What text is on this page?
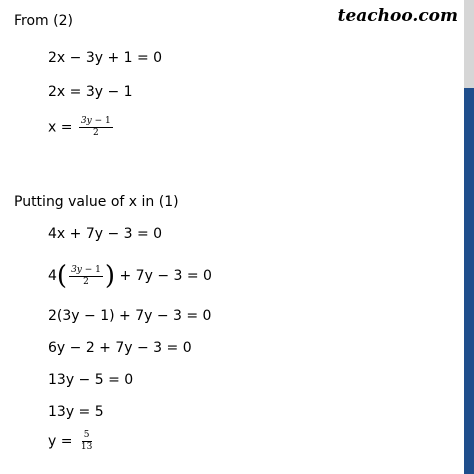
teachoo.com
From (2)
2x − 3y + 1 = 0
2x = 3y − 1
$x = \frac{3y - 1}{2}$
Putting value of x in (1)
4x + 7y − 3 = 0
$4( \frac{3y - 1}{2}$ ) + 7y − 3 = 0
2(3y − 1) + 7y − 3 = 0
6y − 2 + 7y − 3 = 0
13y − 5 = 0
13y = 5
$y = \frac{5}{13}$
